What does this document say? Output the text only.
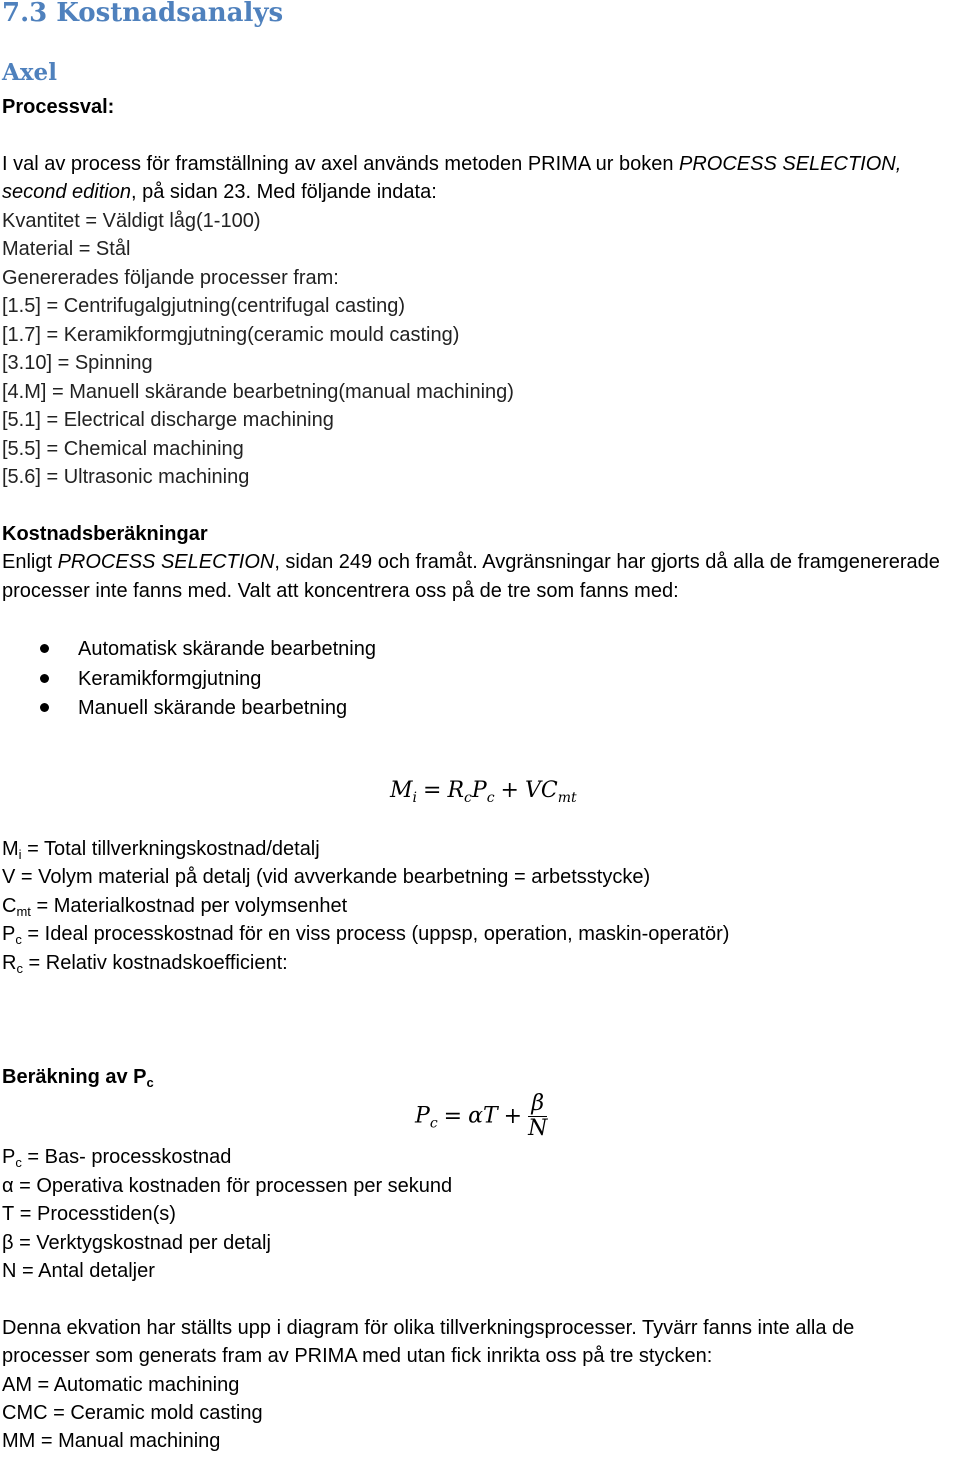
7.3 Kostnadsanalys
Axel
Processval:
I val av process för framställning av axel används metoden PRIMA ur boken PROCESS SELECTION,
second edition, på sidan 23. Med följande indata:
Kvantitet = Väldigt låg(1-100)
Material = Stål
Genererades följande processer fram:
[1.5] = Centrifugalgjutning(centrifugal casting)
[1.7] = Keramikformgjutning(ceramic mould casting)
[3.10] = Spinning
[4.M] = Manuell skärande bearbetning(manual machining)
[5.1] = Electrical discharge machining
[5.5] = Chemical machining
[5.6] = Ultrasonic machining
Kostnadsberäkningar
Enligt PROCESS SELECTION, sidan 249 och framåt. Avgränsningar har gjorts då alla de framgenererade
processer inte fanns med. Valt att koncentrera oss på de tre som fanns med:
Automatisk skärande bearbetning
Keramikformgjutning
Manuell skärande bearbetning
$M_i = R_cP_c + VC_{mt}$
$M_i$ = Total tillverkningskostnad/detalj
V = Volym material på detalj (vid avverkande bearbetning = arbetsstycke)
$C_{mt}$ = Materialkostnad per volymsenhet
$P_c$ = Ideal processkostnad för en viss process (uppsp, operation, maskin-operatör)
$R_c$ = Relativ kostnadskoefficient:
Beräkning av $P_c$
$P_c = \alpha T + \frac{\beta}{N}$
$P_c = Bas-$ processkostnad
α = Operativa kostnaden för processen per sekund
T = Processtiden(s)
β = Verktygskostnad per detalj
N = Antal detaljer
Denna ekvation har ställts upp i diagram för olika tillverkningsprocesser. Tyvärr fanns inte alla de
processer som generats fram av PRIMA med utan fick inrikta oss på tre stycken:
AM = Automatic machining
CMC = Ceramic mold casting
MM = Manual machining
